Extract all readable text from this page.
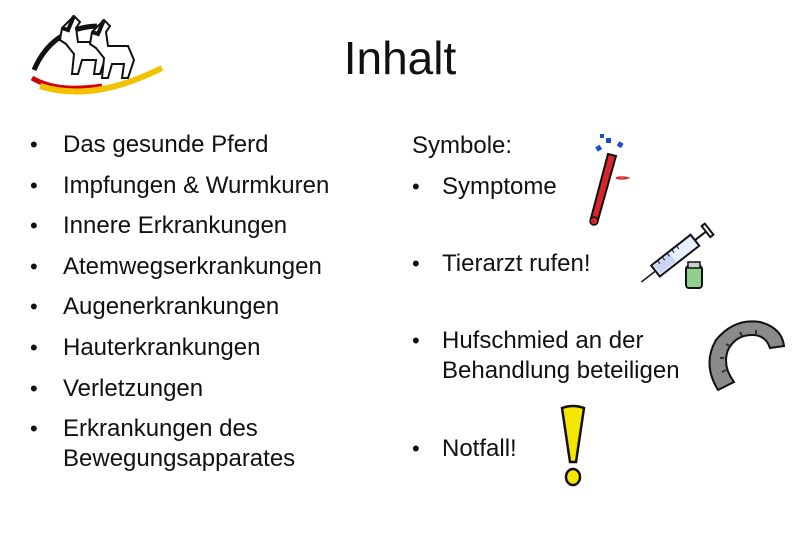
Inhalt
• Das gesunde Pferd
• Impfungen & Wurmkuren
• Innere Erkrankungen
• Atemwegserkrankungen
• Augenerkrankungen
• Hauterkrankungen
• Verletzungen
• Erkrankungen des
Bewegungsapparates
Symbole:
• Symptome
• Tierarzt rufen!
• Hufschmied an der Behandlung beteiligen
• Notfall!
